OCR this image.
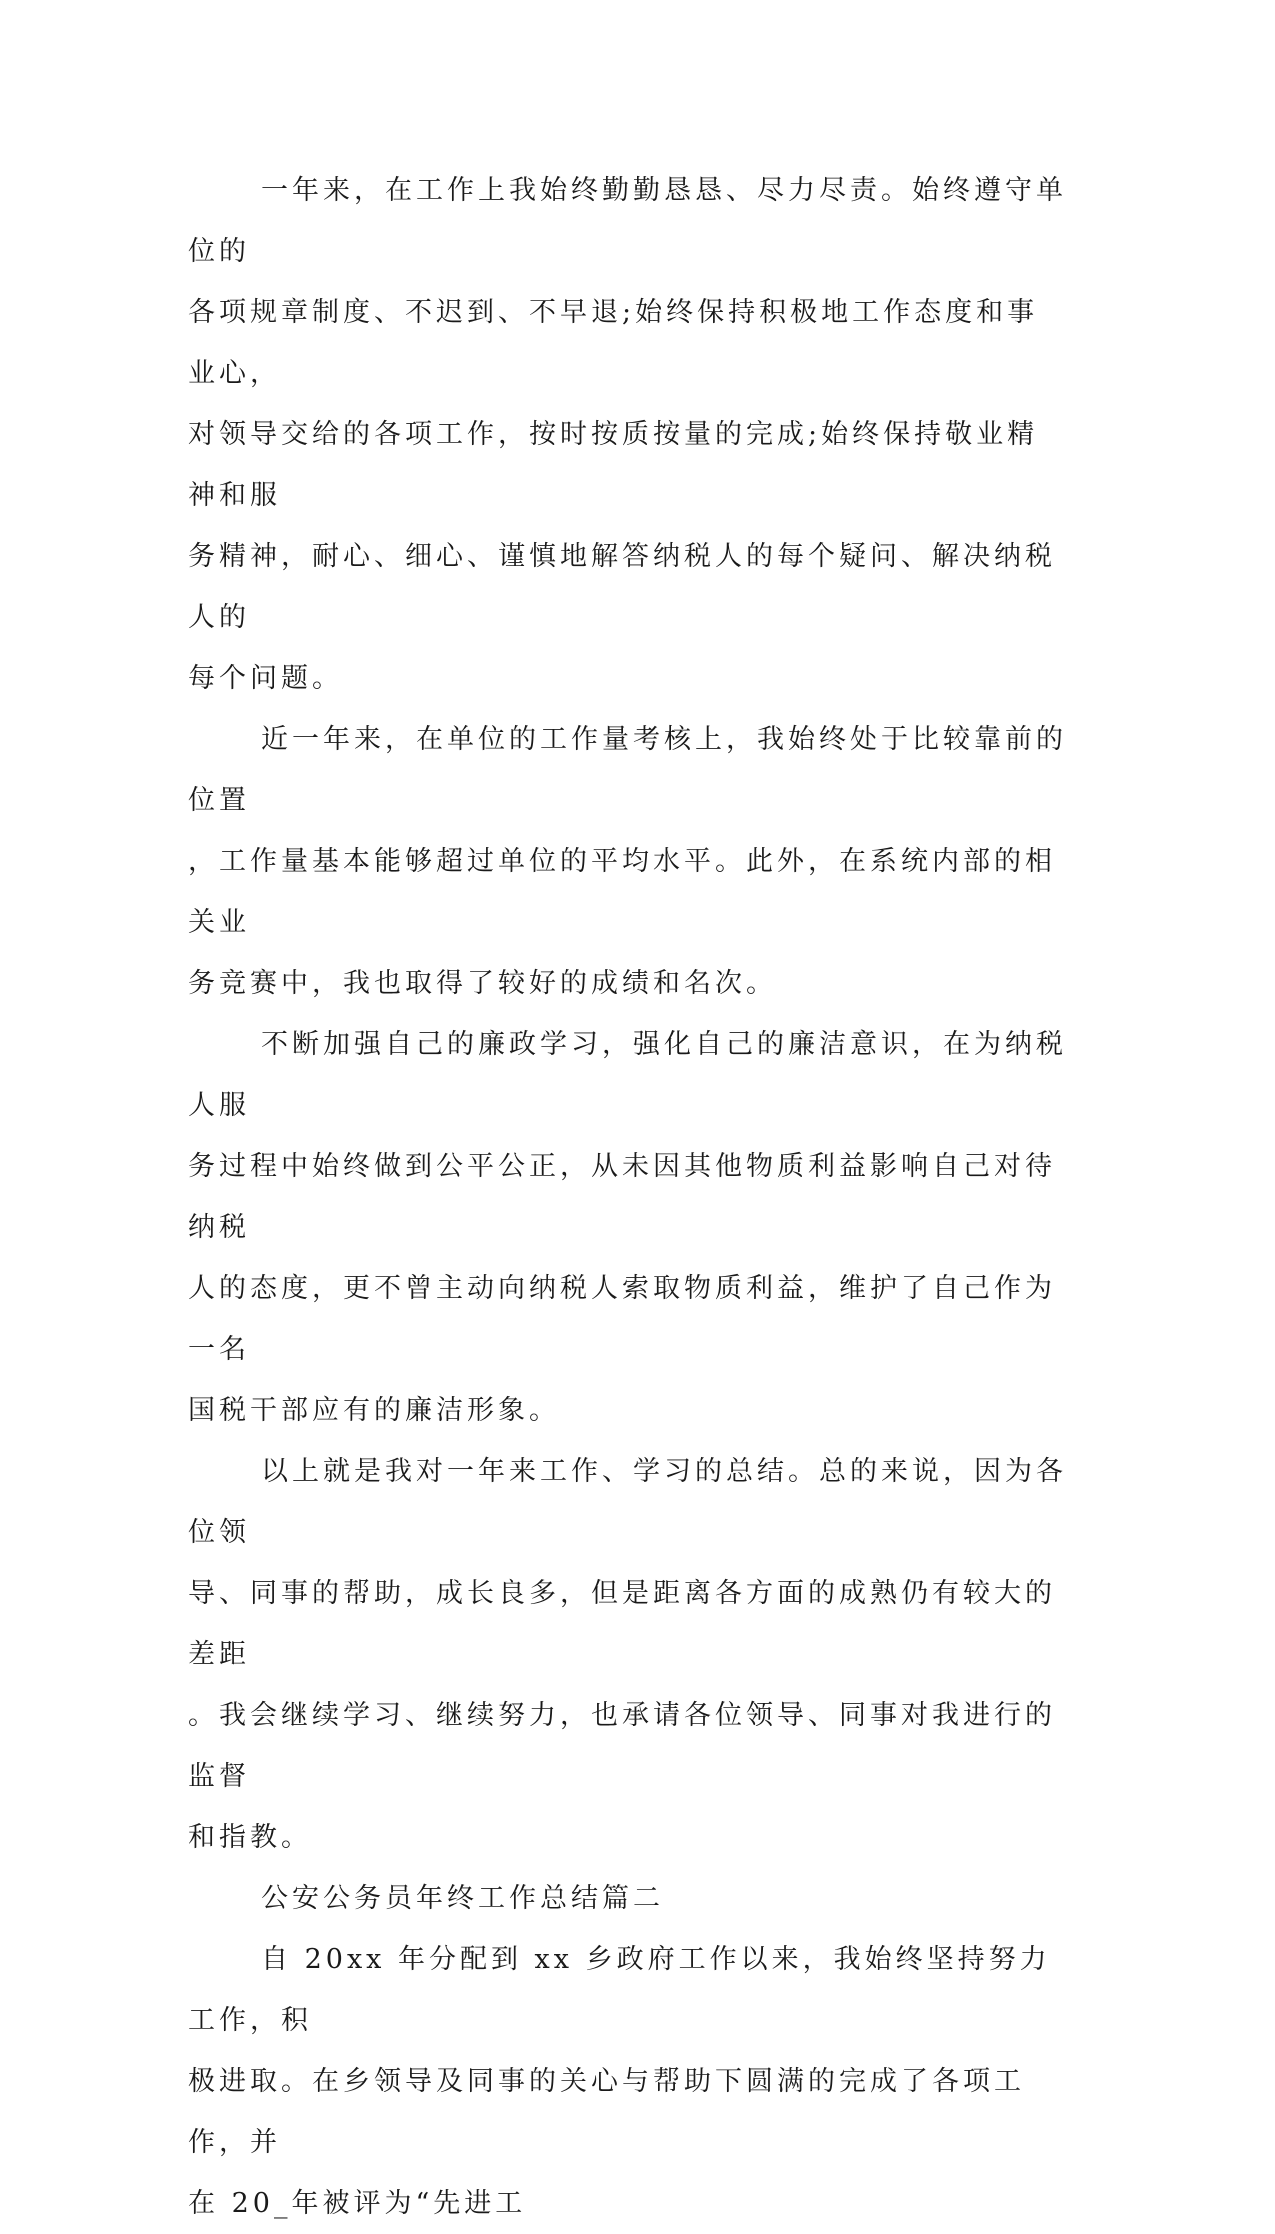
一年来，在工作上我始终勤勤恳恳、尽力尽责。始终遵守单位的
各项规章制度、不迟到、不早退;始终保持积极地工作态度和事业心，
对领导交给的各项工作，按时按质按量的完成;始终保持敬业精神和服
务精神，耐心、细心、谨慎地解答纳税人的每个疑问、解决纳税人的
每个问题。

近一年来，在单位的工作量考核上，我始终处于比较靠前的位置
，工作量基本能够超过单位的平均水平。此外，在系统内部的相关业
务竞赛中，我也取得了较好的成绩和名次。

不断加强自己的廉政学习，强化自己的廉洁意识，在为纳税人服
务过程中始终做到公平公正，从未因其他物质利益影响自己对待纳税
人的态度，更不曾主动向纳税人索取物质利益，维护了自己作为一名
国税干部应有的廉洁形象。

以上就是我对一年来工作、学习的总结。总的来说，因为各位领
导、同事的帮助，成长良多，但是距离各方面的成熟仍有较大的差距
。我会继续学习、继续努力，也承请各位领导、同事对我进行的监督
和指教。

公安公务员年终工作总结篇二

自 20xx 年分配到 xx 乡政府工作以来，我始终坚持努力工作，积
极进取。在乡领导及同事的关心与帮助下圆满的完成了各项工作，并
在 20_年被评为“先进工
